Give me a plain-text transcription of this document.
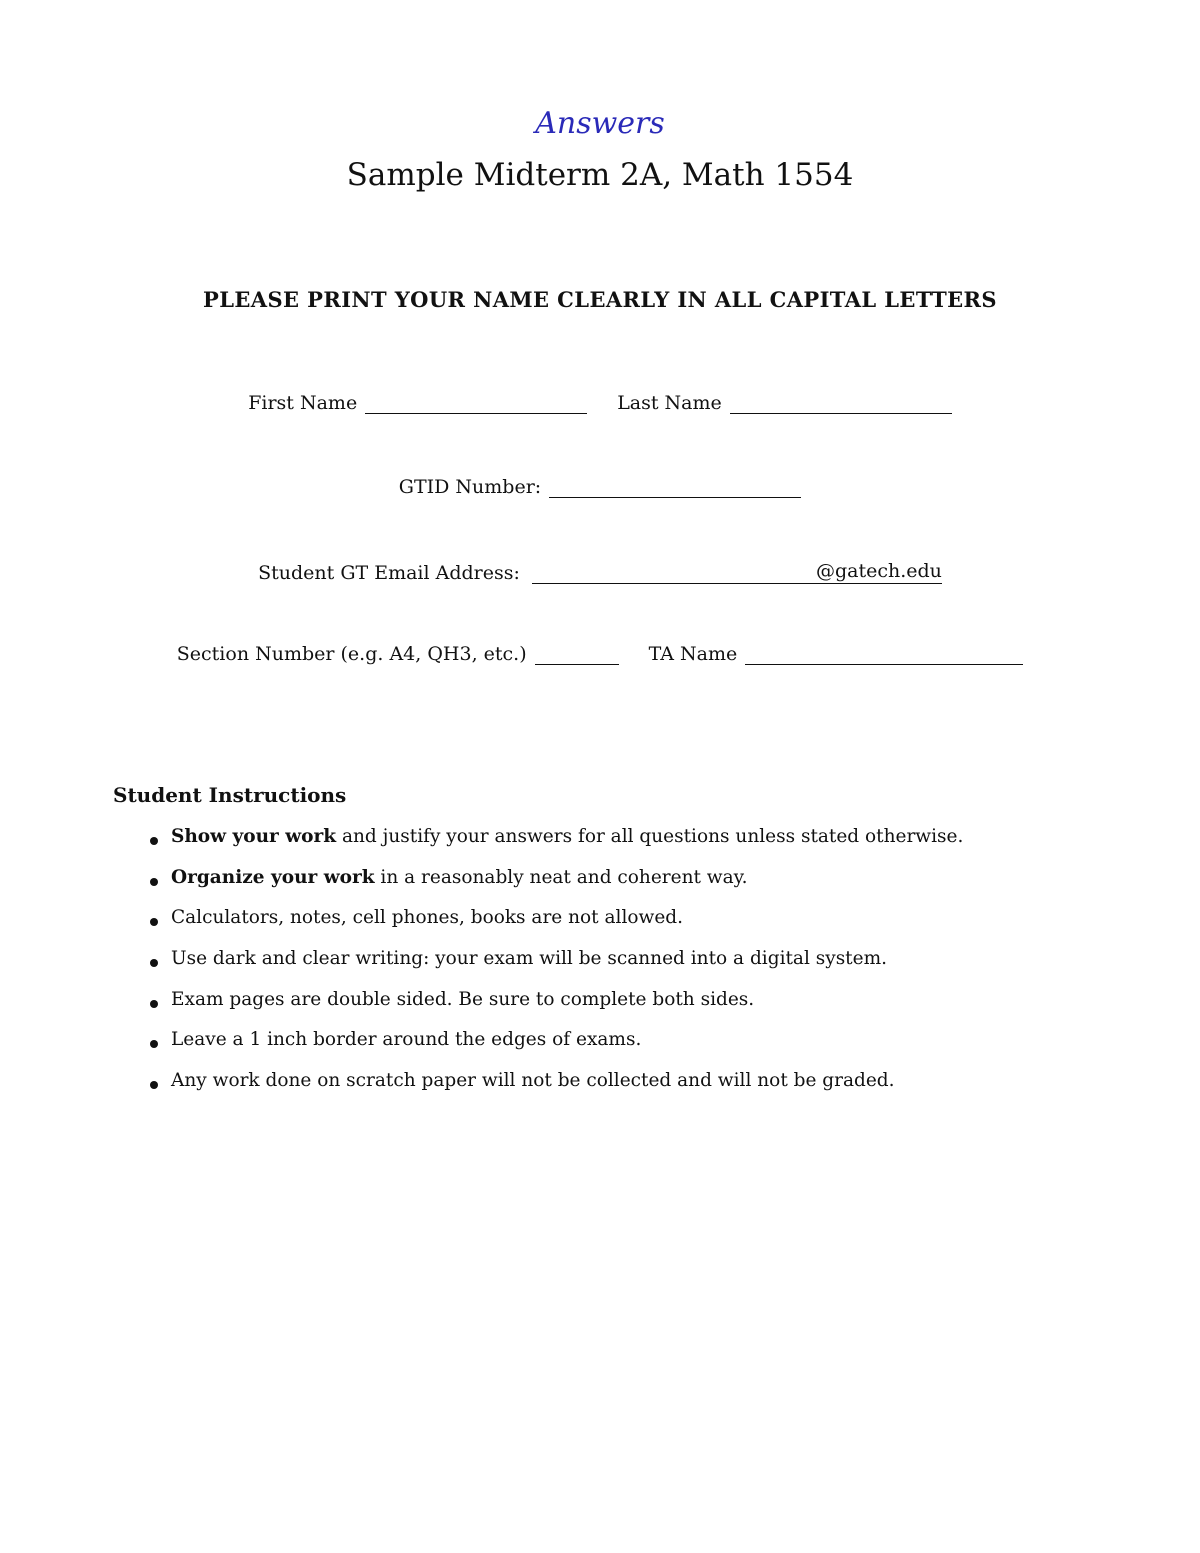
Answers
Sample Midterm 2A, Math 1554
PLEASE PRINT YOUR NAME CLEARLY IN ALL CAPITAL LETTERS
First Name	Last Name
GTID Number:
Student GT Email Address:	@gatech.edu
Section Number (e.g. A4, QH3, etc.)	TA Name
Student Instructions
Show your work and justify your answers for all questions unless stated otherwise.
Organize your work in a reasonably neat and coherent way.
Calculators, notes, cell phones, books are not allowed.
Use dark and clear writing: your exam will be scanned into a digital system.
Exam pages are double sided. Be sure to complete both sides.
Leave a 1 inch border around the edges of exams.
Any work done on scratch paper will not be collected and will not be graded.
